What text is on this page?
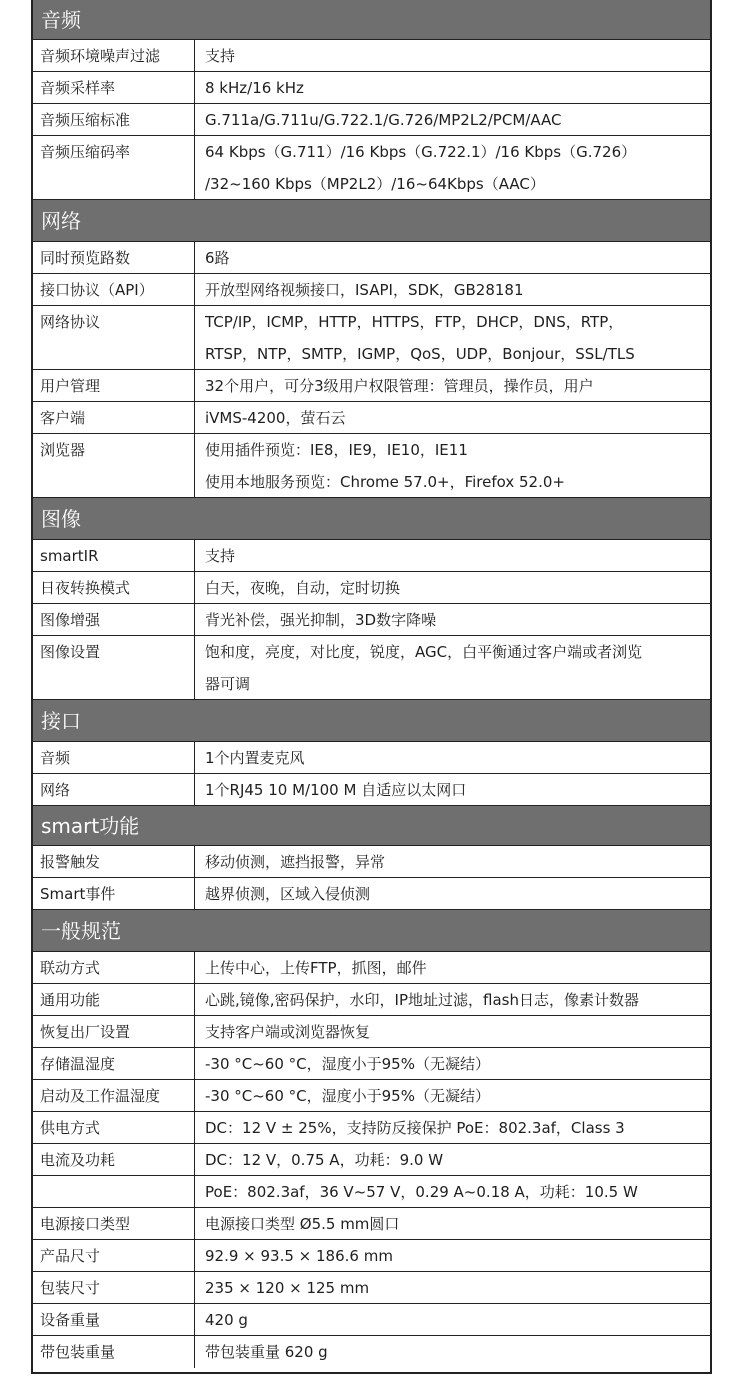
音频
音频环境噪声过滤	支持
音频采样率	8 kHz/16 kHz
音频压缩标准	G.711a/G.711u/G.722.1/G.726/MP2L2/PCM/AAC
音频压缩码率	64 Kbps（G.711）/16 Kbps（G.722.1）/16 Kbps（G.726）
/32~160 Kbps（MP2L2）/16~64Kbps（AAC）
网络
同时预览路数	6路
接口协议（API）	开放型网络视频接口，ISAPI，SDK，GB28181
网络协议	TCP/IP，ICMP，HTTP，HTTPS，FTP，DHCP，DNS，RTP，
RTSP，NTP，SMTP，IGMP，QoS，UDP，Bonjour，SSL/TLS
用户管理	32个用户，可分3级用户权限管理：管理员，操作员，用户
客户端	iVMS-4200，萤石云
浏览器	使用插件预览：IE8，IE9，IE10，IE11
使用本地服务预览：Chrome 57.0+，Firefox 52.0+
图像
smartIR	支持
日夜转换模式	白天，夜晚，自动，定时切换
图像增强	背光补偿，强光抑制，3D数字降噪
图像设置	饱和度，亮度，对比度，锐度，AGC，白平衡通过客户端或者浏览
器可调
接口
音频	1个内置麦克风
网络	1个RJ45 10 M/100 M 自适应以太网口
smart功能
报警触发	移动侦测，遮挡报警，异常
Smart事件	越界侦测，区域入侵侦测
一般规范
联动方式	上传中心，上传FTP，抓图，邮件
通用功能	心跳,镜像,密码保护，水印，IP地址过滤，flash日志，像素计数器
恢复出厂设置	支持客户端或浏览器恢复
存储温湿度	-30 °C~60 °C，湿度小于95%（无凝结）
启动及工作温湿度	-30 °C~60 °C，湿度小于95%（无凝结）
供电方式	DC：12 V ± 25%，支持防反接保护 PoE：802.3af，Class 3
电流及功耗	DC：12 V，0.75 A，功耗：9.0 W
PoE：802.3af，36 V~57 V，0.29 A~0.18 A，功耗：10.5 W
电源接口类型	电源接口类型 Ø5.5 mm圆口
产品尺寸	92.9 × 93.5 × 186.6 mm
包装尺寸	235 × 120 × 125 mm
设备重量	420 g
带包装重量	带包装重量 620 g
